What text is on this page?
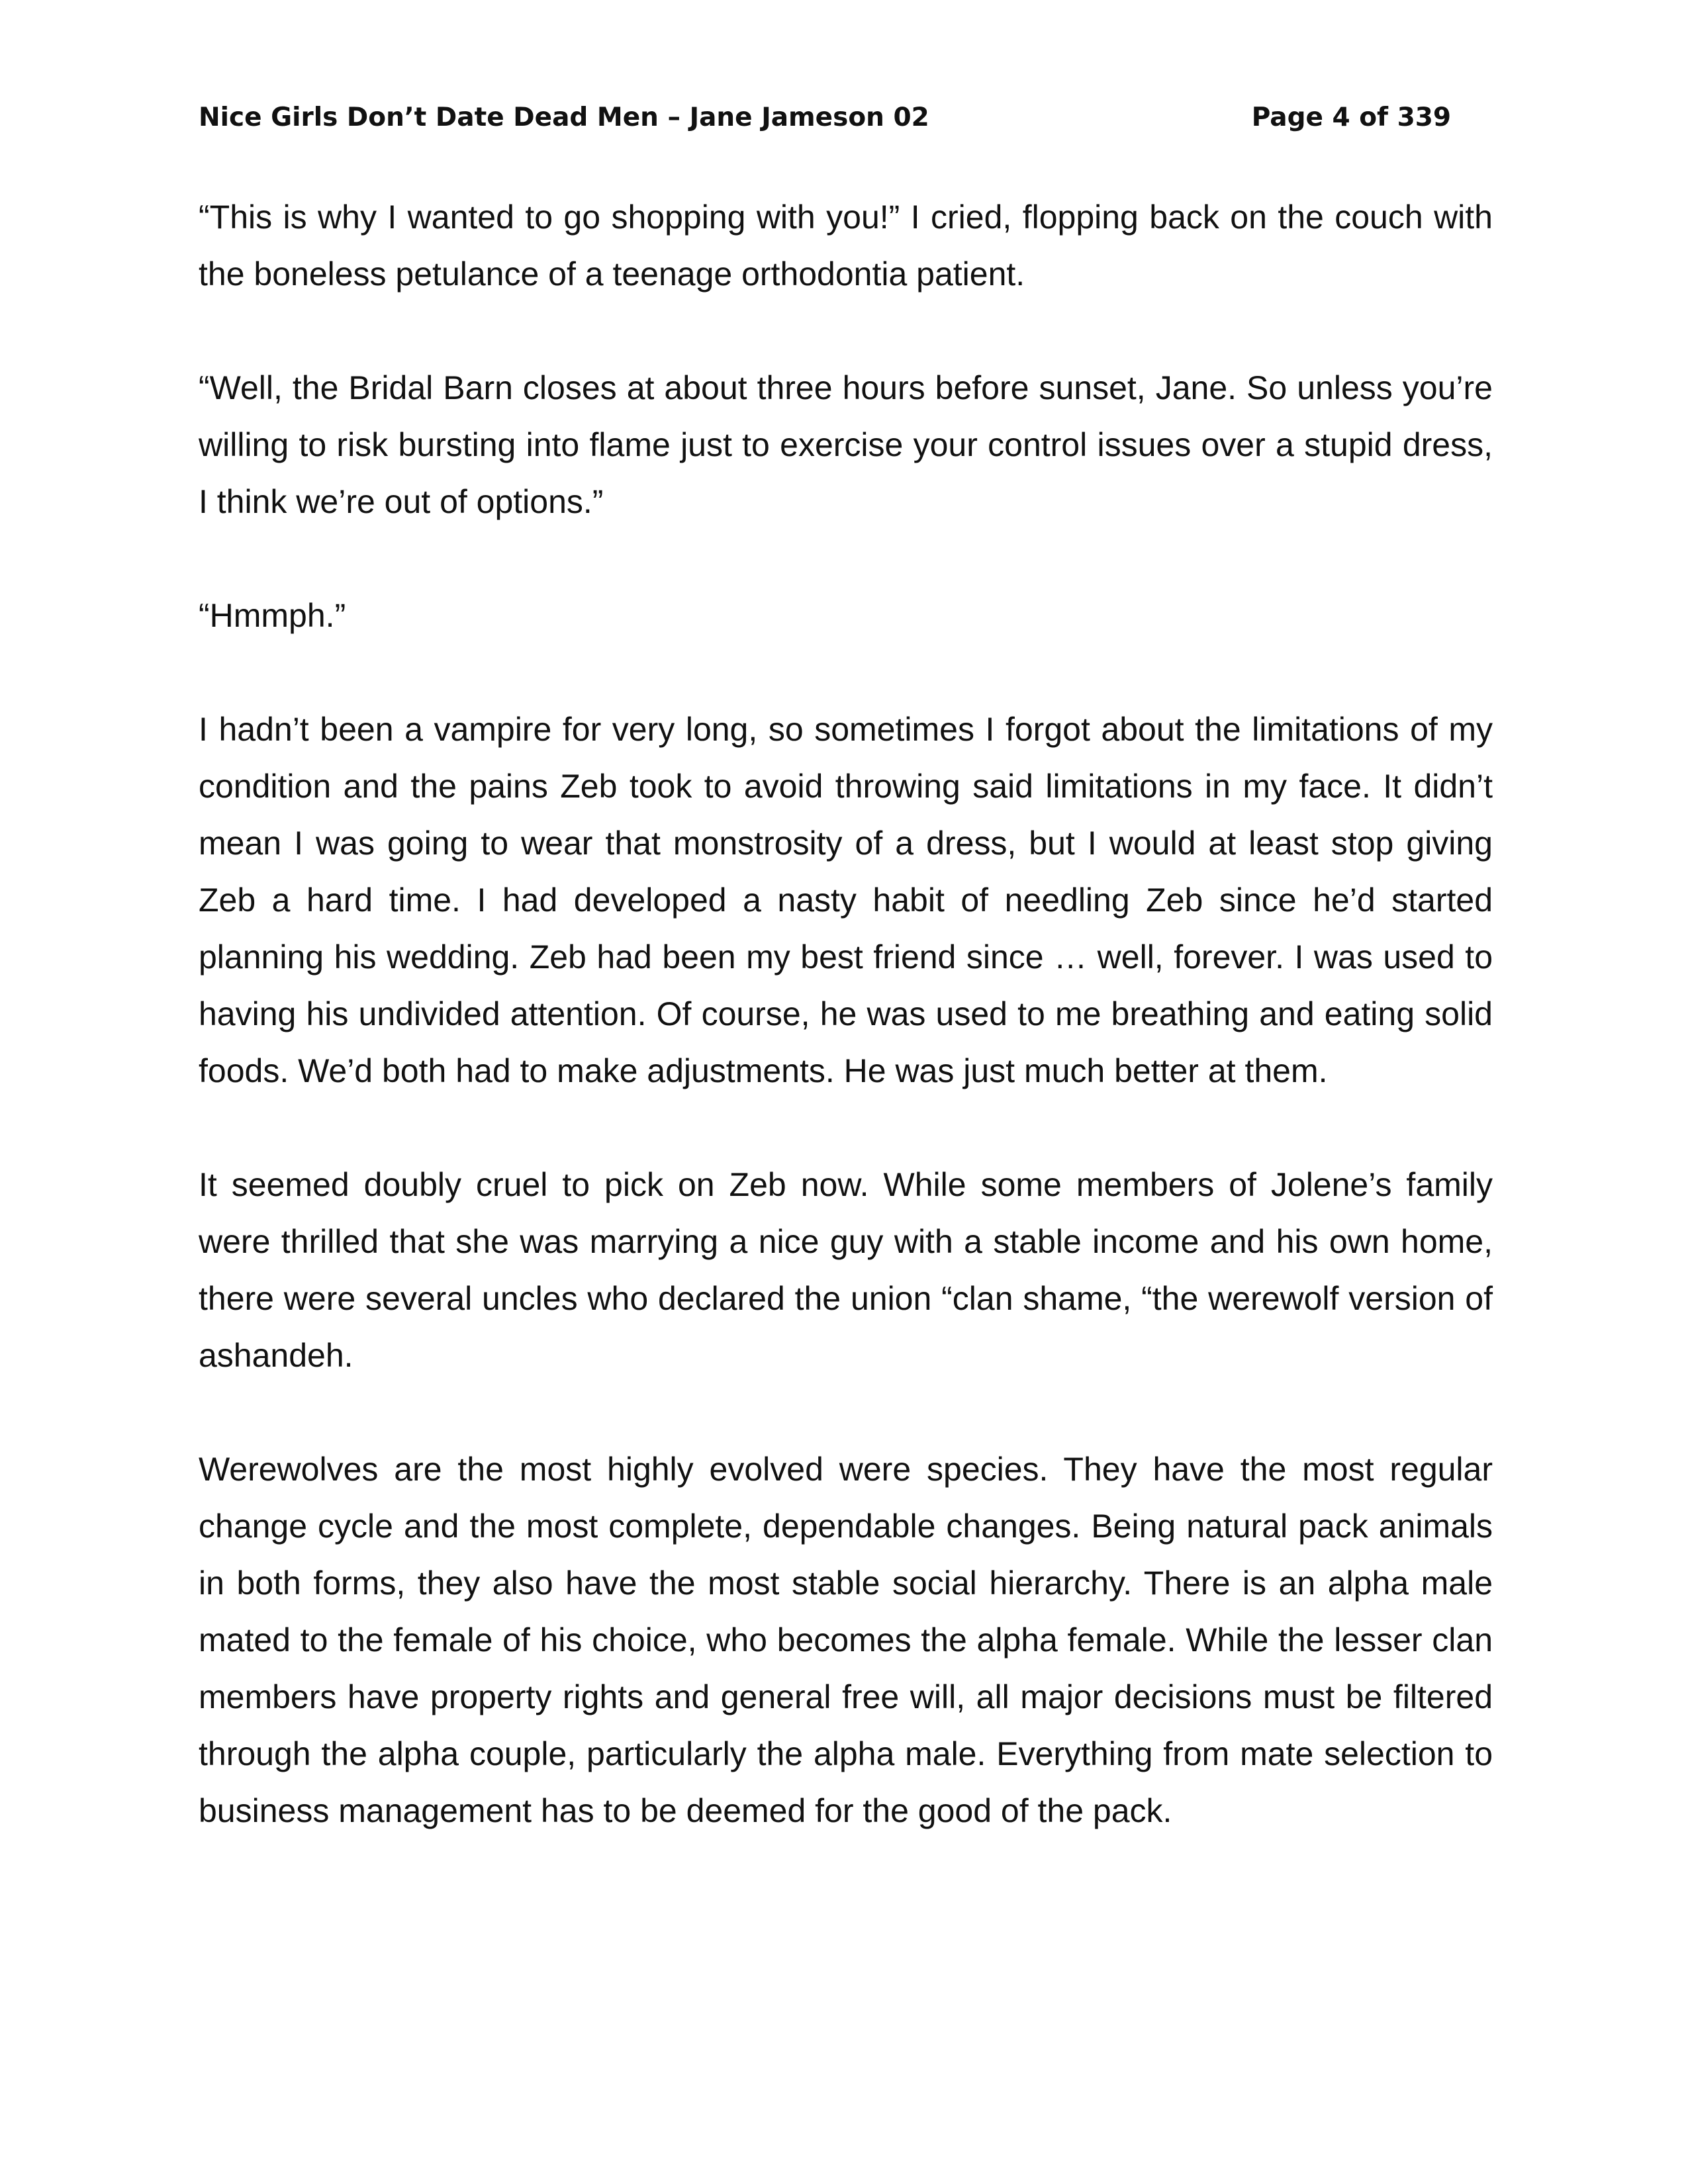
Nice Girls Don’t Date Dead Men – Jane Jameson 02	Page 4 of 339

“This is why I wanted to go shopping with you!” I cried, flopping back on the couch with the boneless petulance of a teenage orthodontia patient.

“Well, the Bridal Barn closes at about three hours before sunset, Jane. So unless you’re willing to risk bursting into flame just to exercise your control issues over a stupid dress, I think we’re out of options.”

“Hmmph.”

I hadn’t been a vampire for very long, so sometimes I forgot about the limitations of my condition and the pains Zeb took to avoid throwing said limitations in my face. It didn’t mean I was going to wear that monstrosity of a dress, but I would at least stop giving Zeb a hard time. I had developed a nasty habit of needling Zeb since he’d started planning his wedding. Zeb had been my best friend since … well, forever. I was used to having his undivided attention. Of course, he was used to me breathing and eating solid foods. We’d both had to make adjustments. He was just much better at them.

It seemed doubly cruel to pick on Zeb now. While some members of Jolene’s family were thrilled that she was marrying a nice guy with a stable income and his own home, there were several uncles who declared the union “clan shame, “the werewolf version of ashandeh.

Werewolves are the most highly evolved were species. They have the most regular change cycle and the most complete, dependable changes. Being natural pack animals in both forms, they also have the most stable social hierarchy. There is an alpha male mated to the female of his choice, who becomes the alpha female. While the lesser clan members have property rights and general free will, all major decisions must be filtered through the alpha couple, particularly the alpha male. Everything from mate selection to business management has to be deemed for the good of the pack.
